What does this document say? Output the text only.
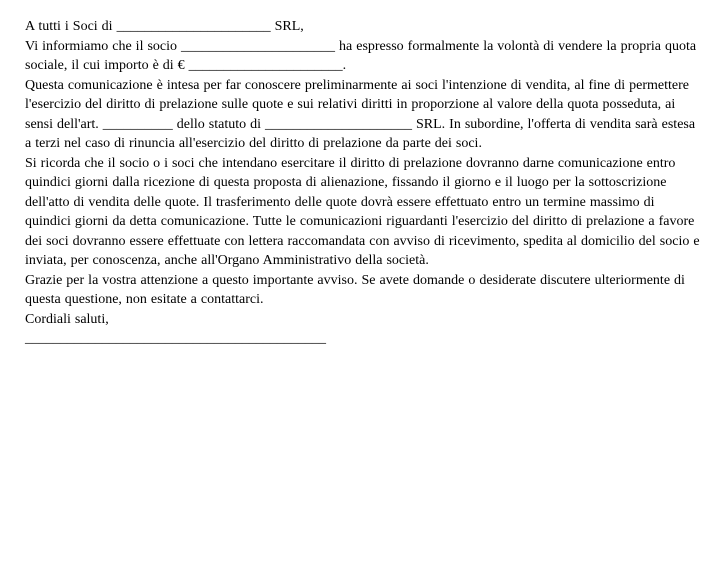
A tutti i Soci di ______________________ SRL,

Vi informiamo che il socio ______________________ ha espresso formalmente la volontà di vendere la propria quota sociale, il cui importo è di € ______________________.

Questa comunicazione è intesa per far conoscere preliminarmente ai soci l'intenzione di vendita, al fine di permettere l'esercizio del diritto di prelazione sulle quote e sui relativi diritti in proporzione al valore della quota posseduta, ai sensi dell'art. __________ dello statuto di _____________________ SRL. In subordine, l'offerta di vendita sarà estesa a terzi nel caso di rinuncia all'esercizio del diritto di prelazione da parte dei soci.

Si ricorda che il socio o i soci che intendano esercitare il diritto di prelazione dovranno darne comunicazione entro quindici giorni dalla ricezione di questa proposta di alienazione, fissando il giorno e il luogo per la sottoscrizione dell'atto di vendita delle quote. Il trasferimento delle quote dovrà essere effettuato entro un termine massimo di quindici giorni da detta comunicazione. Tutte le comunicazioni riguardanti l'esercizio del diritto di prelazione a favore dei soci dovranno essere effettuate con lettera raccomandata con avviso di ricevimento, spedita al domicilio del socio e inviata, per conoscenza, anche all'Organo Amministrativo della società.

Grazie per la vostra attenzione a questo importante avviso. Se avete domande o desiderate discutere ulteriormente di questa questione, non esitate a contattarci.

Cordiali saluti,

___________________________________________
